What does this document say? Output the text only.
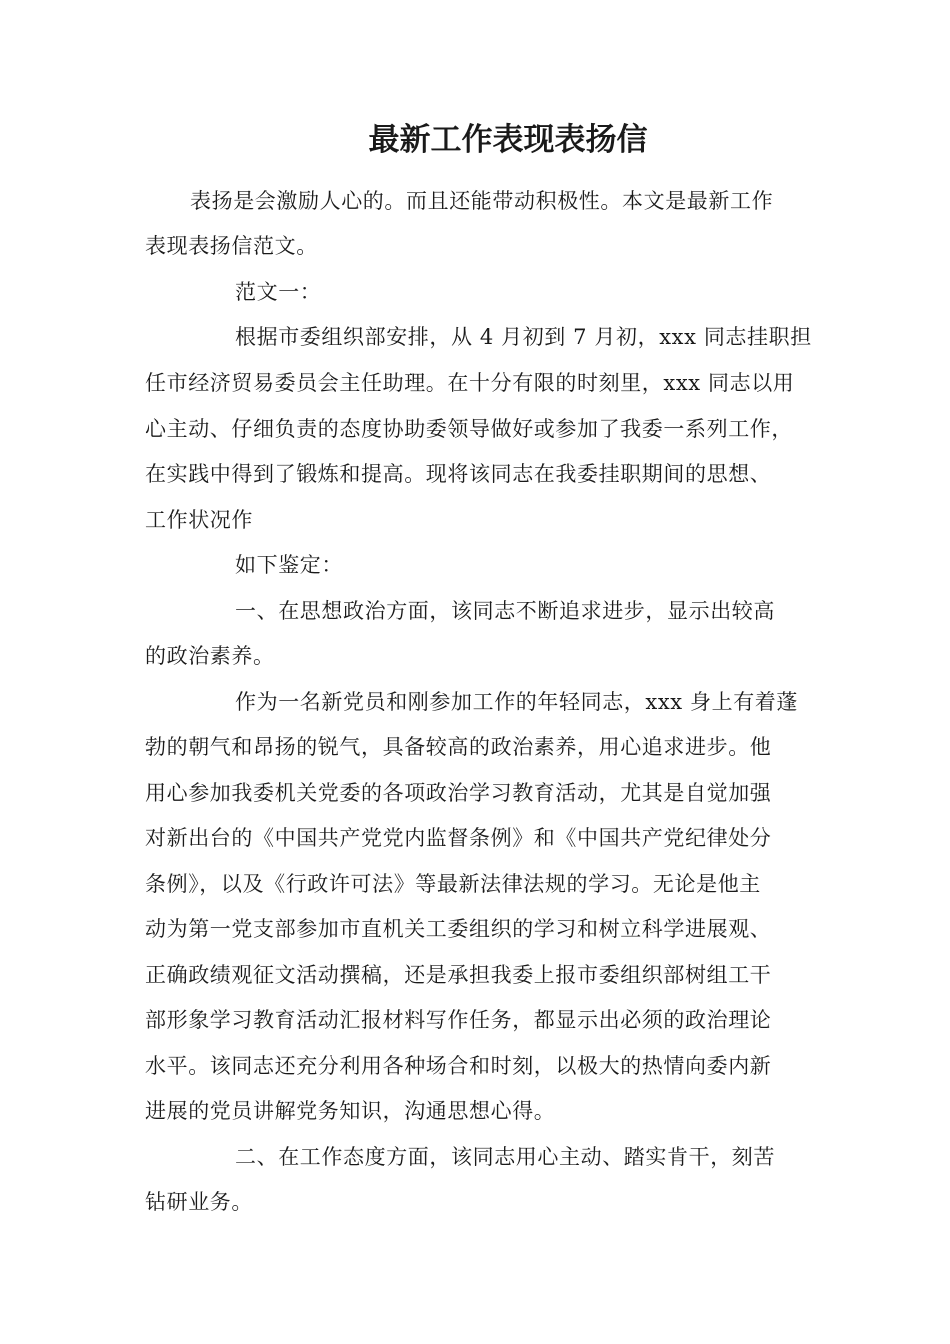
最新工作表现表扬信
表扬是会激励人心的。而且还能带动积极性。本文是最新工作
表现表扬信范文。
范文一：
根据市委组织部安排，从 4 月初到 7 月初，xxx 同志挂职担
任市经济贸易委员会主任助理。在十分有限的时刻里，xxx 同志以用
心主动、仔细负责的态度协助委领导做好或参加了我委一系列工作，
在实践中得到了锻炼和提高。现将该同志在我委挂职期间的思想、
工作状况作
如下鉴定：
一、在思想政治方面，该同志不断追求进步，显示出较高
的政治素养。
作为一名新党员和刚参加工作的年轻同志，xxx 身上有着蓬
勃的朝气和昂扬的锐气，具备较高的政治素养，用心追求进步。他
用心参加我委机关党委的各项政治学习教育活动，尤其是自觉加强
对新出台的《中国共产党党内监督条例》和《中国共产党纪律处分
条例》，以及《行政许可法》等最新法律法规的学习。无论是他主
动为第一党支部参加市直机关工委组织的学习和树立科学进展观、
正确政绩观征文活动撰稿，还是承担我委上报市委组织部树组工干
部形象学习教育活动汇报材料写作任务，都显示出必须的政治理论
水平。该同志还充分利用各种场合和时刻，以极大的热情向委内新
进展的党员讲解党务知识，沟通思想心得。
二、在工作态度方面，该同志用心主动、踏实肯干，刻苦
钻研业务。
